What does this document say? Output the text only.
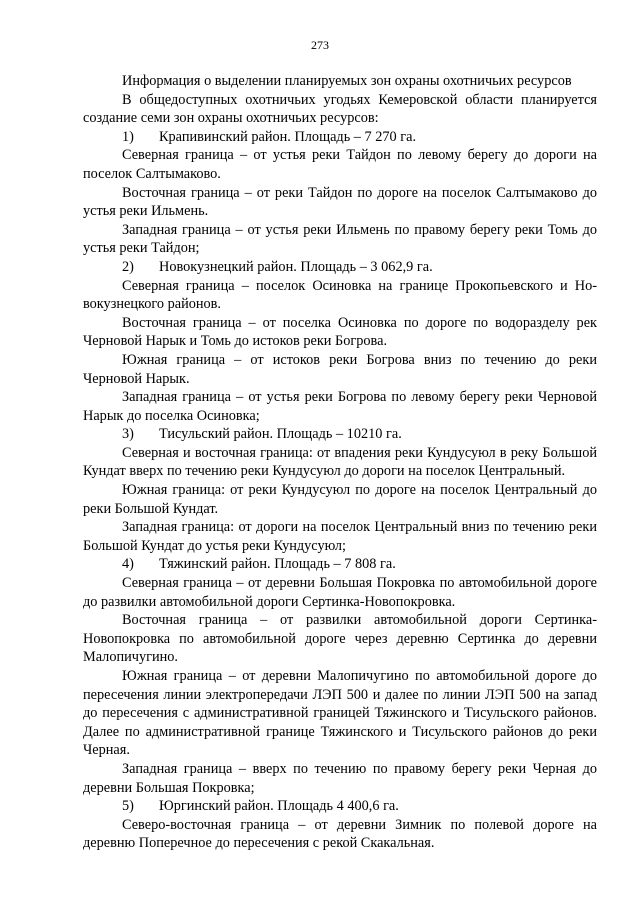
273

Информация о выделении планируемых зон охраны охотничьих ресурсов

В общедоступных охотничьих угодьях Кемеровской области планируется создание семи зон охраны охотничьих ресурсов:

1) Крапивинский район. Площадь – 7 270 га.

Северная граница – от устья реки Тайдон по левому берегу до дороги на поселок Салтымаково.

Восточная граница – от реки Тайдон по дороге на поселок Салтымаково до устья реки Ильмень.

Западная граница – от устья реки Ильмень по правому берегу реки Томь до устья реки Тайдон;

2) Новокузнецкий район. Площадь – 3 062,9 га.

Северная граница – поселок Осиновка на границе Прокопьевского и Новокузнецкого районов.

Восточная граница – от поселка Осиновка по дороге по водоразделу рек Черновой Нарык и Томь до истоков реки Богрова.

Южная граница – от истоков реки Богрова вниз по течению до реки Черновой Нарык.

Западная граница – от устья реки Богрова по левому берегу реки Черновой Нарык до поселка Осиновка;

3) Тисульский район. Площадь – 10210 га.

Северная и восточная граница: от впадения реки Кундусуюл в реку Большой Кундат вверх по течению реки Кундусуюл до дороги на поселок Центральный.

Южная граница: от реки Кундусуюл по дороге на поселок Центральный до реки Большой Кундат.

Западная граница: от дороги на поселок Центральный вниз по течению реки Большой Кундат до устья реки Кундусуюл;

4) Тяжинский район. Площадь – 7 808 га.

Северная граница – от деревни Большая Покровка по автомобильной дороге до развилки автомобильной дороги Сертинка-Новопокровка.

Восточная граница – от развилки автомобильной дороги Сертинка-Новопокровка по автомобильной дороге через деревню Сертинка до деревни Малопичугино.

Южная граница – от деревни Малопичугино по автомобильной дороге до пересечения линии электропередачи ЛЭП 500 и далее по линии ЛЭП 500 на запад до пересечения с административной границей Тяжинского и Тисульского районов. Далее по административной границе Тяжинского и Тисульского районов до реки Черная.

Западная граница – вверх по течению по правому берегу реки Черная до деревни Большая Покровка;

5) Юргинский район. Площадь 4 400,6 га.

Северо-восточная граница – от деревни Зимник по полевой дороге на деревню Поперечное до пересечения с рекой Скакальная.
